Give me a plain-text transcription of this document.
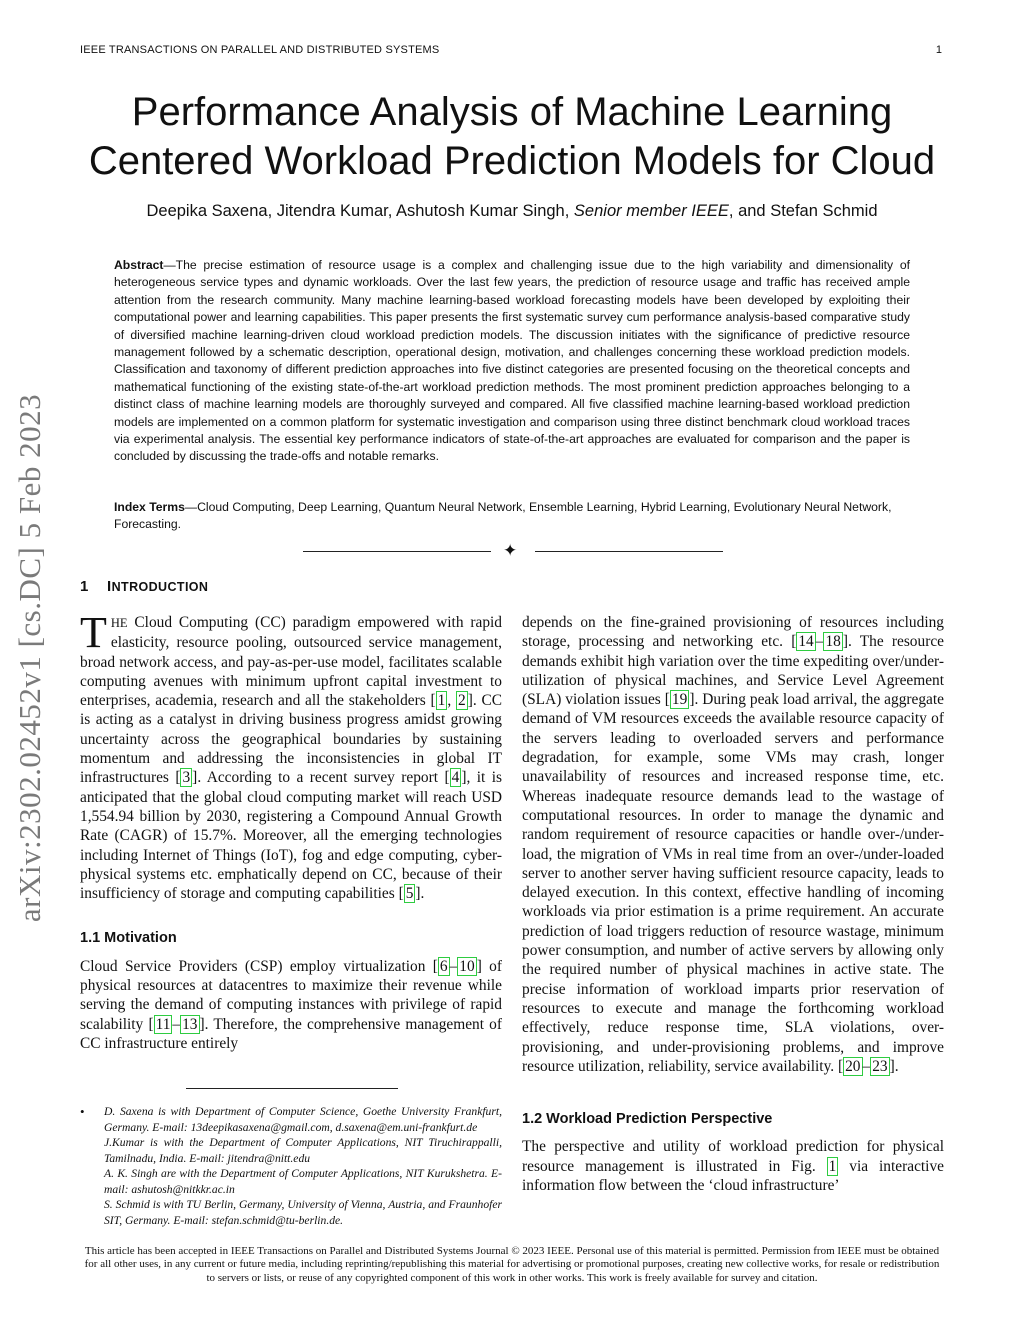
IEEE TRANSACTIONS ON PARALLEL AND DISTRIBUTED SYSTEMS	1
Performance Analysis of Machine Learning
Centered Workload Prediction Models for Cloud
Deepika Saxena, Jitendra Kumar, Ashutosh Kumar Singh, Senior member IEEE, and Stefan Schmid

Abstract—The precise estimation of resource usage is a complex and challenging issue due to the high variability and dimensionality of heterogeneous service types and dynamic workloads. Over the last few years, the prediction of resource usage and traffic has received ample attention from the research community. Many machine learning-based workload forecasting models have been developed by exploiting their computational power and learning capabilities. This paper presents the first systematic survey cum performance analysis-based comparative study of diversified machine learning-driven cloud workload prediction models. The discussion initiates with the significance of predictive resource management followed by a schematic description, operational design, motivation, and challenges concerning these workload prediction models. Classification and taxonomy of different prediction approaches into five distinct categories are presented focusing on the theoretical concepts and mathematical functioning of the existing state-of-the-art workload prediction methods. The most prominent prediction approaches belonging to a distinct class of machine learning models are thoroughly surveyed and compared. All five classified machine learning-based workload prediction models are implemented on a common platform for systematic investigation and comparison using three distinct benchmark cloud workload traces via experimental analysis. The essential key performance indicators of state-of-the-art approaches are evaluated for comparison and the paper is concluded by discussing the trade-offs and notable remarks.

Index Terms—Cloud Computing, Deep Learning, Quantum Neural Network, Ensemble Learning, Hybrid Learning, Evolutionary Neural Network, Forecasting.

✦
1 INTRODUCTION

THE Cloud Computing (CC) paradigm empowered with rapid elasticity, resource pooling, outsourced service management, broad network access, and pay-as-per-use model, facilitates scalable computing avenues with minimum upfront capital investment to enterprises, academia, research and all the stakeholders [ 1 , 2 ]. CC is acting as a catalyst in driving business progress amidst growing uncertainty across the geographical boundaries by sustaining momentum and addressing the inconsistencies in global IT infrastructures [ 3 ]. According to a recent survey report [ 4 ], it is anticipated that the global cloud computing market will reach USD 1,554.94 billion by 2030, registering a Compound Annual Growth Rate (CAGR) of 15.7%. Moreover, all the emerging technologies including Internet of Things (IoT), fog and edge computing, cyber-physical systems etc. emphatically depend on CC, because of their insufficiency of storage and computing capabilities [ 5 ].

1.1 Motivation

Cloud Service Providers (CSP) employ virtualization [ 6 – 10 ] of physical resources at datacentres to maximize their revenue while serving the demand of computing instances with privilege of rapid scalability [ 11 – 13 ]. Therefore, the comprehensive management of CC infrastructure entirely

• D. Saxena is with Department of Computer Science, Goethe University Frankfurt, Germany. E-mail: 13deepikasaxena@gmail.com, d.saxena@em.uni-frankfurt.de
J.Kumar is with the Department of Computer Applications, NIT Tiruchirappalli, Tamilnadu, India. E-mail: jitendra@nitt.edu
A. K. Singh are with the Department of Computer Applications, NIT Kurukshetra. E-mail: ashutosh@nitkkr.ac.in
S. Schmid is with TU Berlin, Germany, University of Vienna, Austria, and Fraunhofer SIT, Germany. E-mail: stefan.schmid@tu-berlin.de.

depends on the fine-grained provisioning of resources including storage, processing and networking etc. [ 14 – 18 ]. The resource demands exhibit high variation over the time expediting over/under-utilization of physical machines, and Service Level Agreement (SLA) violation issues [ 19 ]. During peak load arrival, the aggregate demand of VM resources exceeds the available resource capacity of the servers leading to overloaded servers and performance degradation, for example, some VMs may crash, longer unavailability of resources and increased response time, etc. Whereas inadequate resource demands lead to the wastage of computational resources. In order to manage the dynamic and random requirement of resource capacities or handle over-/under-load, the migration of VMs in real time from an over-/under-loaded server to another server having sufficient resource capacity, leads to delayed execution. In this context, effective handling of incoming workloads via prior estimation is a prime requirement. An accurate prediction of load triggers reduction of resource wastage, minimum power consumption, and number of active servers by allowing only the required number of physical machines in active state. The precise information of workload imparts prior reservation of resources to execute and manage the forthcoming workload effectively, reduce response time, SLA violations, over-provisioning, and under-provisioning problems, and improve resource utilization, reliability, service availability. [ 20 – 23 ].

1.2 Workload Prediction Perspective

The perspective and utility of workload prediction for physical resource management is illustrated in Fig. 1 via interactive information flow between the ‘cloud infrastructure’

This article has been accepted in IEEE Transactions on Parallel and Distributed Systems Journal © 2023 IEEE. Personal use of this material is permitted. Permission from IEEE must be obtained for all other uses, in any current or future media, including reprinting/republishing this material for advertising or promotional purposes, creating new collective works, for resale or redistribution to servers or lists, or reuse of any copyrighted component of this work in other works. This work is freely available for survey and citation.

arXiv:2302.02452v1 [cs.DC] 5 Feb 2023
